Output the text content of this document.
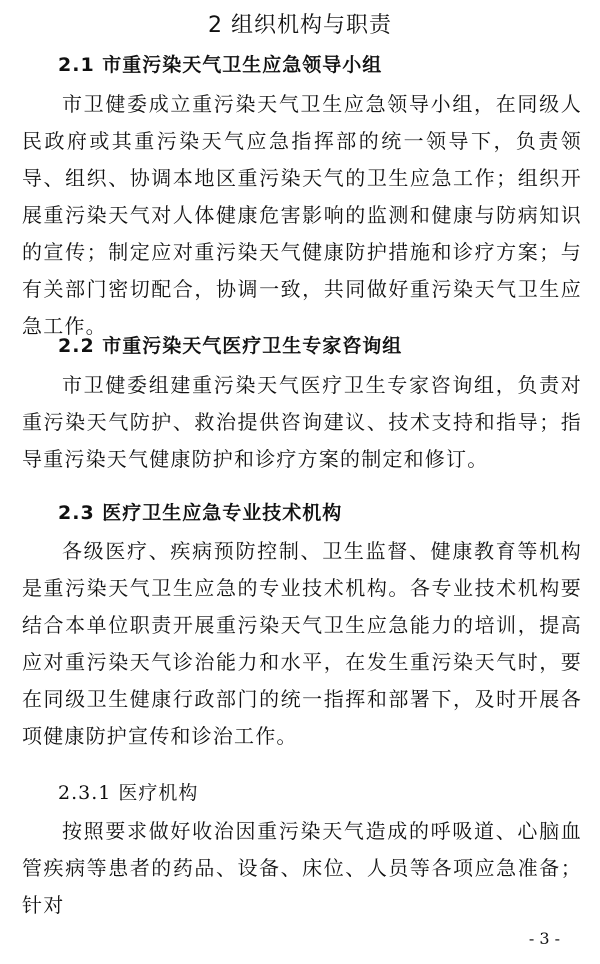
2 组织机构与职责
2.1 市重污染天气卫生应急领导小组
市卫健委成立重污染天气卫生应急领导小组，在同级人民政府或其重污染天气应急指挥部的统一领导下，负责领导、组织、协调本地区重污染天气的卫生应急工作；组织开展重污染天气对人体健康危害影响的监测和健康与防病知识的宣传；制定应对重污染天气健康防护措施和诊疗方案；与有关部门密切配合，协调一致，共同做好重污染天气卫生应急工作。
2.2 市重污染天气医疗卫生专家咨询组
市卫健委组建重污染天气医疗卫生专家咨询组，负责对重污染天气防护、救治提供咨询建议、技术支持和指导；指导重污染天气健康防护和诊疗方案的制定和修订。
2.3 医疗卫生应急专业技术机构
各级医疗、疾病预防控制、卫生监督、健康教育等机构是重污染天气卫生应急的专业技术机构。各专业技术机构要结合本单位职责开展重污染天气卫生应急能力的培训，提高应对重污染天气诊治能力和水平，在发生重污染天气时，要在同级卫生健康行政部门的统一指挥和部署下，及时开展各项健康防护宣传和诊治工作。
2.3.1 医疗机构
按照要求做好收治因重污染天气造成的呼吸道、心脑血管疾病等患者的药品、设备、床位、人员等各项应急准备；针对
- 3 -
